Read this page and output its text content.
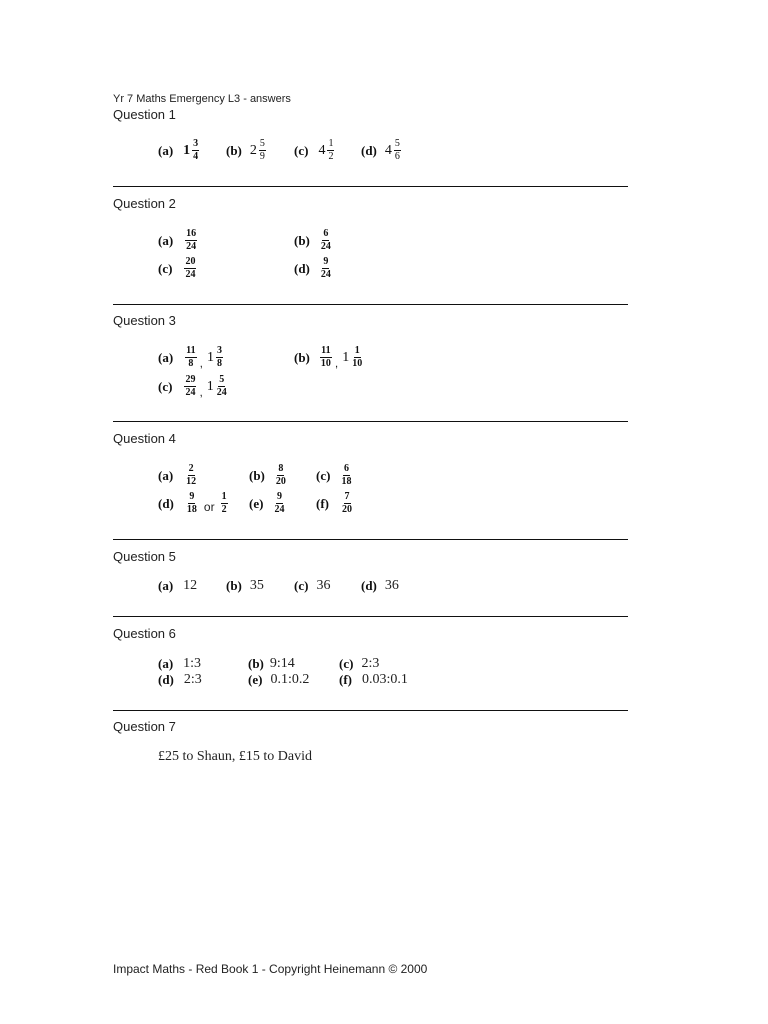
Yr 7 Maths Emergency L3 - answers
Question 1
(a) $1 \frac{3}{4} (b)$ $2 \frac{5}{9} (c)$ $4 \frac{1}{2} (d)$ $4 \frac{5}{6}$
Question 2
$(a) \frac{16}{24}$	$(b) \frac{6}{24}$
$(c) \frac{20}{24}$	$(d) \frac{9}{24}$
Question 3
$(a) \frac{11}{8}$ , $1 \frac{3}{8}$	$(b) \frac{11}{10}$ , $1 \frac{1}{10}$
$(c) \frac{29}{24}$ , $1 \frac{5}{24}$
Question 4
$(a) \frac{2}{12}$	$(b) \frac{8}{20} (c) \frac{6}{18}$
$(d) \frac{9}{18}$ or $\frac{1}{2} (e) \frac{9}{24} (f) \frac{7}{20}$
Question 5
(a) 12 (b) 35 (c) 36 (d) 36
Question 6
(a) 1:3	(b) 9:14	(c) 2:3
(d) 2:3	(e) 0.1:0.2 (f) 0.03:0.1
Question 7
£25 to Shaun, £15 to David
Impact Maths - Red Book 1 - Copyright Heinemann © 2000
